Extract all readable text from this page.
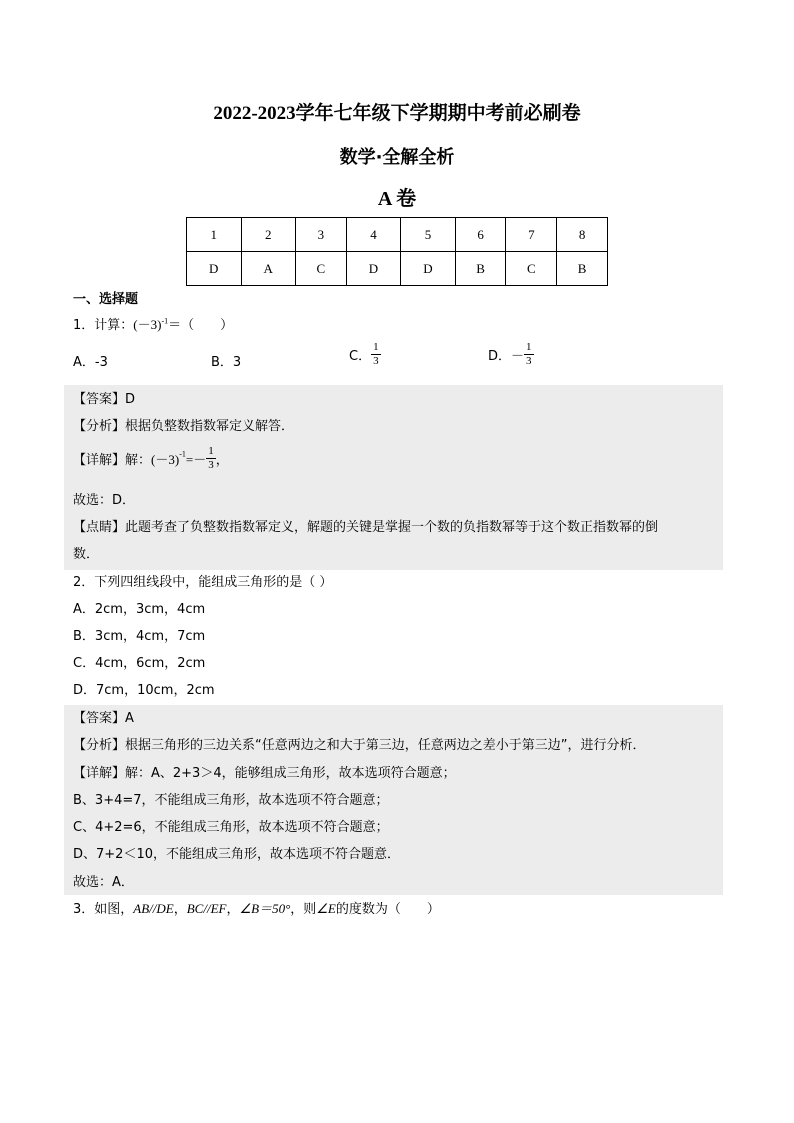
2022-2023学年七年级下学期期中考前必刷卷
数学·全解全析
A 卷
1	2	3	4	5	6	7	8
D	A	C	D	D	B	C	B
一、选择题
1．计算：$(-3)^{-1}=$（　　）
A．-3	B．3	C． $\frac{1}{3}$	D．－ $\frac{1}{3}$
【答案】D
【分析】根据负整数指数幂定义解答．
【详解】解：$(-3)^{-1}=- \frac{1}{3}$ ，
故选：D．
【点睛】此题考查了负整数指数幂定义，解题的关键是掌握一个数的负指数幂等于这个数正指数幂的倒
数．
2．下列四组线段中，能组成三角形的是（ ）
A．2cm，3cm，4cm
B．3cm，4cm，7cm
C．4cm，6cm，2cm
D．7cm，10cm，2cm
【答案】A
【分析】根据三角形的三边关系“任意两边之和大于第三边，任意两边之差小于第三边”，进行分析．
【详解】解：A、2+3＞4，能够组成三角形，故本选项符合题意；
B、3+4=7，不能组成三角形，故本选项不符合题意；
C、4+2=6，不能组成三角形，故本选项不符合题意；
D、7+2＜10，不能组成三角形，故本选项不符合题意．
故选：A．
3．如图，AB//DE，BC//EF，∠B＝50°，则∠E的度数为（　　）
